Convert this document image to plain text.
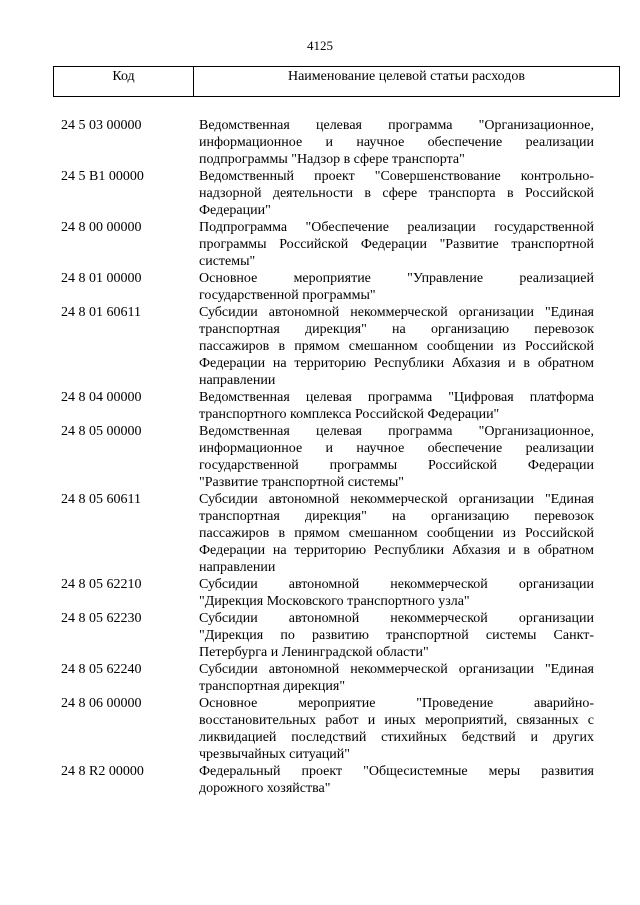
4125
Код	Наименование целевой статьи расходов
24 5 03 00000	Ведомственная целевая программа "Организационное,
информационное и научное обеспечение реализации
подпрограммы "Надзор в сфере транспорта"
24 5 В1 00000	Ведомственный проект "Совершенствование контрольно-
надзорной деятельности в сфере транспорта в Российской
Федерации"
24 8 00 00000	Подпрограмма "Обеспечение реализации государственной
программы Российской Федерации "Развитие транспортной
системы"
24 8 01 00000	Основное мероприятие "Управление реализацией
государственной программы"
24 8 01 60611	Субсидии автономной некоммерческой организации "Единая
транспортная дирекция" на организацию перевозок
пассажиров в прямом смешанном сообщении из Российской
Федерации на территорию Республики Абхазия и в обратном
направлении
24 8 04 00000	Ведомственная целевая программа "Цифровая платформа
транспортного комплекса Российской Федерации"
24 8 05 00000	Ведомственная целевая программа "Организационное,
информационное и научное обеспечение реализации
государственной программы Российской Федерации
"Развитие транспортной системы"
24 8 05 60611	Субсидии автономной некоммерческой организации "Единая
транспортная дирекция" на организацию перевозок
пассажиров в прямом смешанном сообщении из Российской
Федерации на территорию Республики Абхазия и в обратном
направлении
24 8 05 62210	Субсидии автономной некоммерческой организации
"Дирекция Московского транспортного узла"
24 8 05 62230	Субсидии автономной некоммерческой организации
"Дирекция по развитию транспортной системы Санкт-
Петербурга и Ленинградской области"
24 8 05 62240	Субсидии автономной некоммерческой организации "Единая
транспортная дирекция"
24 8 06 00000	Основное мероприятие "Проведение аварийно-
восстановительных работ и иных мероприятий, связанных с
ликвидацией последствий стихийных бедствий и других
чрезвычайных ситуаций"
24 8 R2 00000	Федеральный проект "Общесистемные меры развития
дорожного хозяйства"
